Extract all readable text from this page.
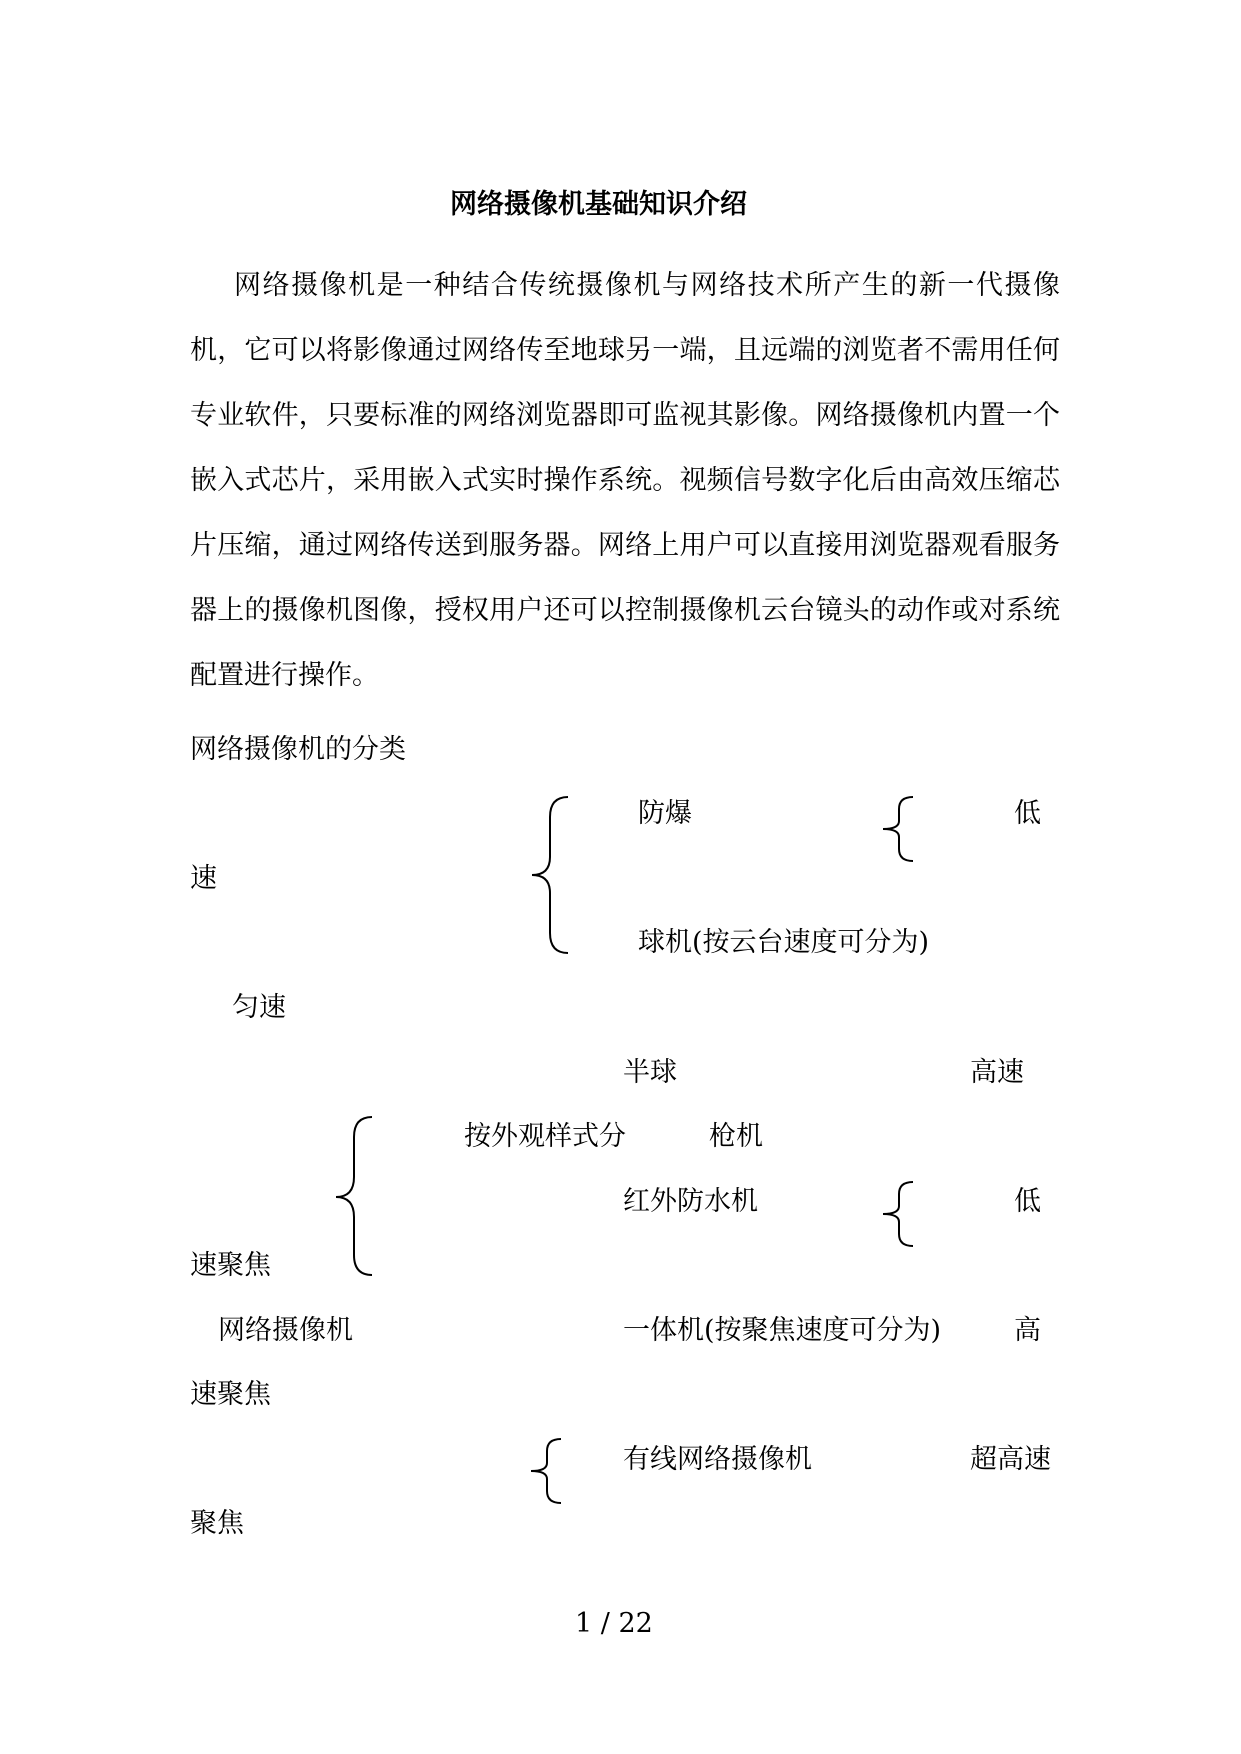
网络摄像机基础知识介绍
网络摄像机是一种结合传统摄像机与网络技术所产生的新一代摄像机，它可以将影像通过网络传至地球另一端，且远端的浏览者不需用任何专业软件，只要标准的网络浏览器即可监视其影像。网络摄像机内置一个嵌入式芯片，采用嵌入式实时操作系统。视频信号数字化后由高效压缩芯片压缩，通过网络传送到服务器。网络上用户可以直接用浏览器观看服务器上的摄像机图像，授权用户还可以控制摄像机云台镜头的动作或对系统配置进行操作。
网络摄像机的分类
防爆	低
速
球机(按云台速度可分为)
匀速
半球	高速
按外观样式分	枪机
红外防水机	低
速聚焦
网络摄像机	一体机(按聚焦速度可分为)	高
速聚焦
有线网络摄像机	超高速
聚焦
1 / 22
